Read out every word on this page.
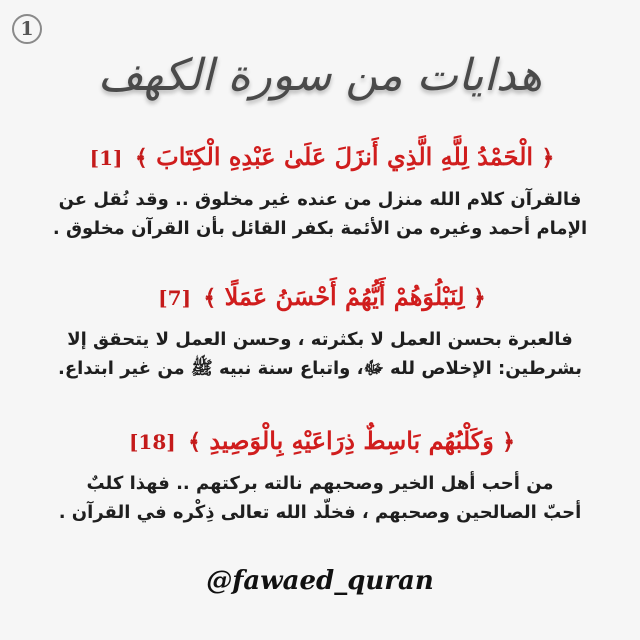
1
هدايات من سورة الكهف
﴿ الْحَمْدُ لِلَّهِ الَّذِي أَنزَلَ عَلَىٰ عَبْدِهِ الْكِتَابَ ﴾ [1]

فالقرآن كلام الله منزل من عنده غير مخلوق .. وقد نُقل عن

الإمام أحمد وغيره من الأئمة بكفر القائل بأن القرآن مخلوق .

﴿ لِنَبْلُوَهُمْ أَيُّهُمْ أَحْسَنُ عَمَلًا ﴾ [7]

فالعبرة بحسن العمل لا بكثرته ، وحسن العمل لا يتحقق إلا

بشرطين: الإخلاص لله ﷻ، واتباع سنة نبيه ﷺ من غير ابتداع.

﴿ وَكَلْبُهُم بَاسِطٌ ذِرَاعَيْهِ بِالْوَصِيدِ ﴾ [18]

من أحب أهل الخير وصحبهم نالته بركتهم .. فهذا كلبٌ

أحبّ الصالحين وصحبهم ، فخلّد الله تعالى ذِكْره في القرآن .

@fawaed_quran
